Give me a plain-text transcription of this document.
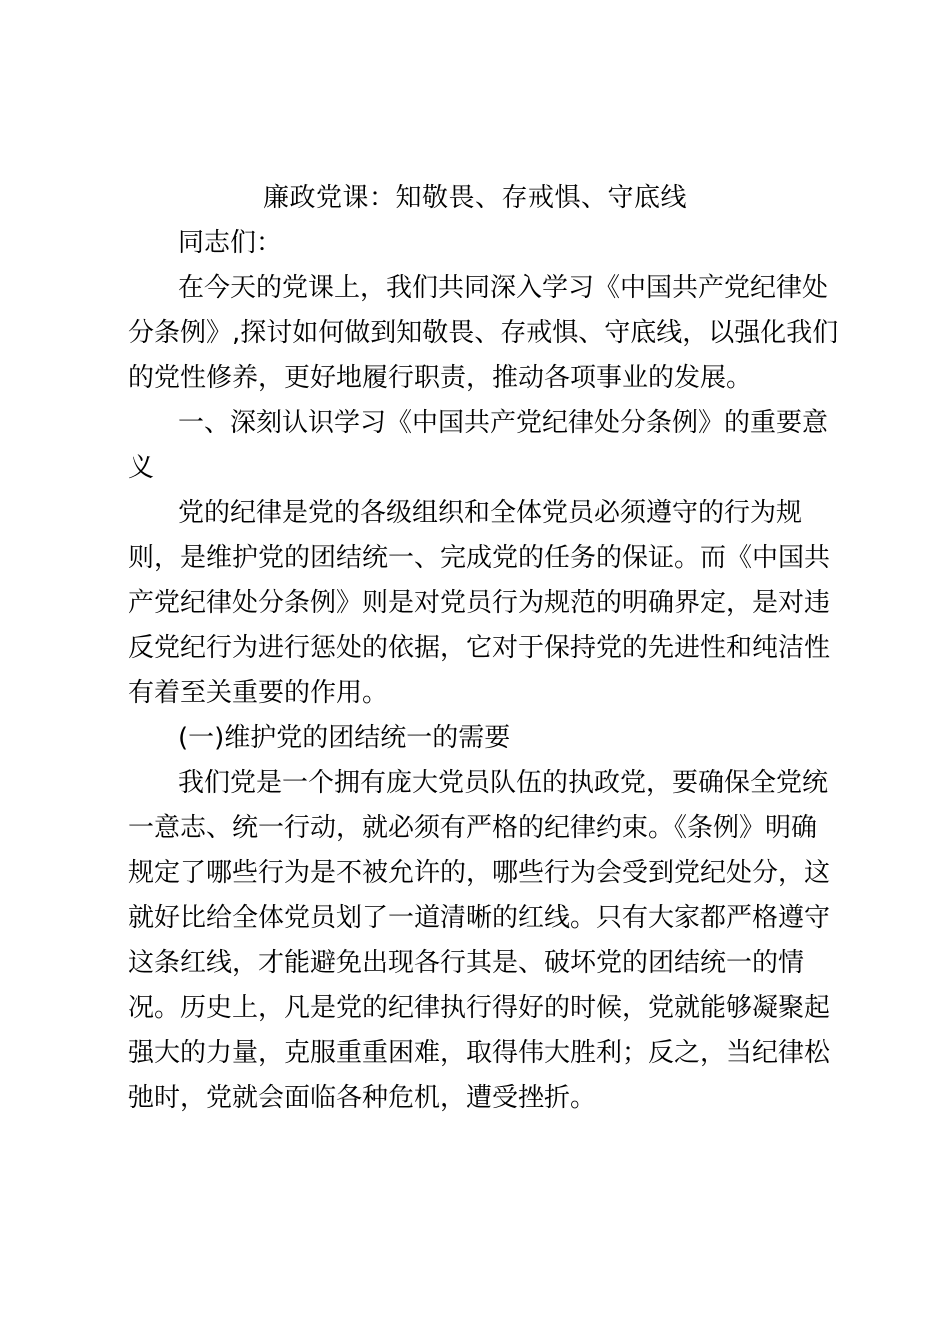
廉政党课：知敬畏、存戒惧、守底线
同志们：
在今天的党课上，我们共同深入学习《中国共产党纪律处
分条例》,探讨如何做到知敬畏、存戒惧、守底线，以强化我们
的党性修养，更好地履行职责，推动各项事业的发展。
一、深刻认识学习《中国共产党纪律处分条例》的重要意
义
党的纪律是党的各级组织和全体党员必须遵守的行为规
则，是维护党的团结统一、完成党的任务的保证。而《中国共
产党纪律处分条例》则是对党员行为规范的明确界定，是对违
反党纪行为进行惩处的依据，它对于保持党的先进性和纯洁性
有着至关重要的作用。
(一)维护党的团结统一的需要
我们党是一个拥有庞大党员队伍的执政党，要确保全党统
一意志、统一行动，就必须有严格的纪律约束。《条例》明确
规定了哪些行为是不被允许的，哪些行为会受到党纪处分，这
就好比给全体党员划了一道清晰的红线。只有大家都严格遵守
这条红线，才能避免出现各行其是、破坏党的团结统一的情
况。历史上，凡是党的纪律执行得好的时候，党就能够凝聚起
强大的力量，克服重重困难，取得伟大胜利；反之，当纪律松
弛时，党就会面临各种危机，遭受挫折。
